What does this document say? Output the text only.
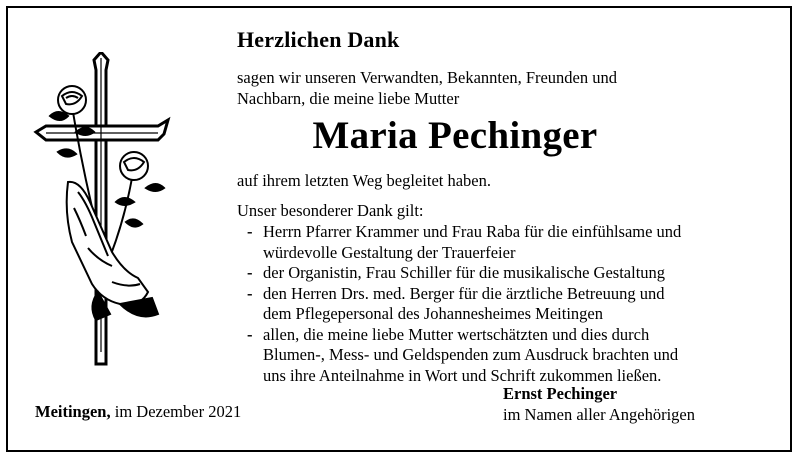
Herzlichen Dank
sagen wir unseren Verwandten, Bekannten, Freunden und
Nachbarn, die meine liebe Mutter
Maria Pechinger
auf ihrem letzten Weg begleitet haben.
Unser besonderer Dank gilt:
- Herrn Pfarrer Krammer und Frau Raba für die einfühlsame und
würdevolle Gestaltung der Trauerfeier
- der Organistin, Frau Schiller für die musikalische Gestaltung
- den Herren Drs. med. Berger für die ärztliche Betreuung und
dem Pflegepersonal des Johannesheimes Meitingen
- allen, die meine liebe Mutter wertschätzten und dies durch
Blumen-, Mess- und Geldspenden zum Ausdruck brachten und
uns ihre Anteilnahme in Wort und Schrift zukommen ließen.
Meitingen, im Dezember 2021
Ernst Pechinger
im Namen aller Angehörigen
